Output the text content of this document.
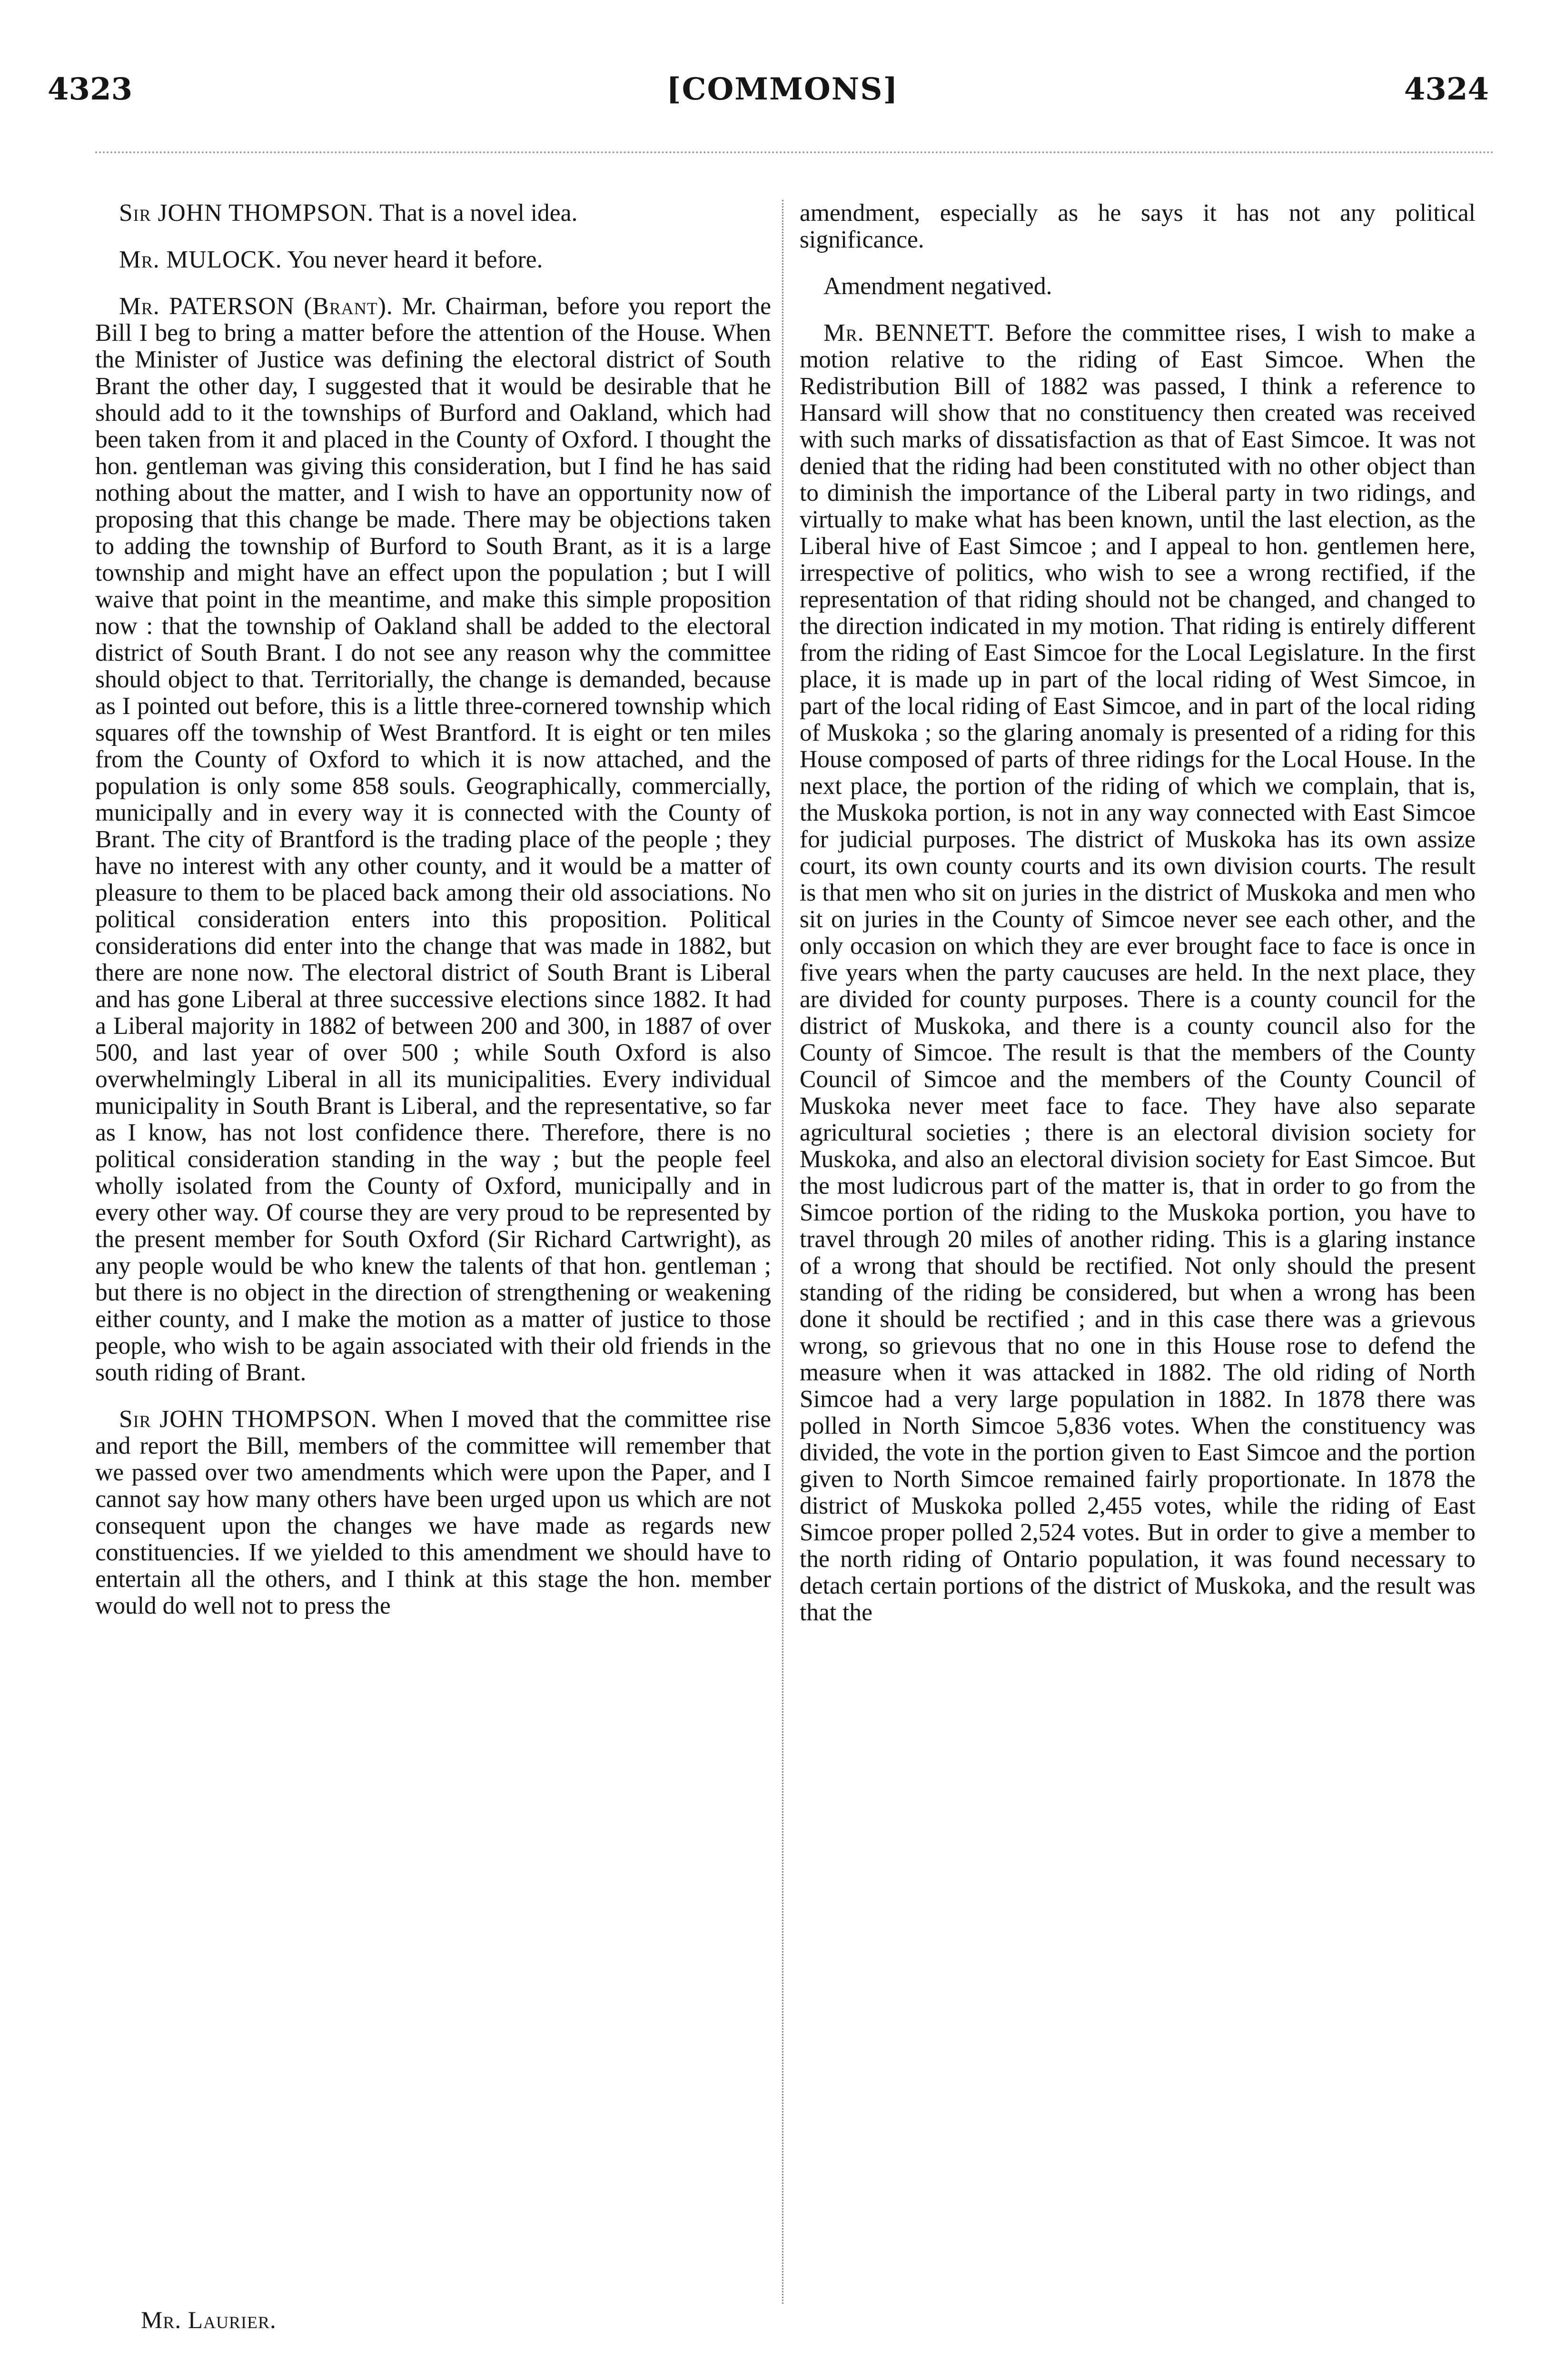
4323	[COMMONS]	4324

Sir JOHN THOMPSON. That is a novel idea.

Mr. MULOCK. You never heard it before.

Mr. PATERSON (Brant). Mr. Chairman, before you report the Bill I beg to bring a matter before the attention of the House. When the Minister of Justice was defining the electoral district of South Brant the other day, I suggested that it would be desirable that he should add to it the townships of Burford and Oakland, which had been taken from it and placed in the County of Oxford. I thought the hon. gentleman was giving this consideration, but I find he has said nothing about the matter, and I wish to have an opportunity now of proposing that this change be made. There may be objections taken to adding the township of Burford to South Brant, as it is a large township and might have an effect upon the population ; but I will waive that point in the meantime, and make this simple proposition now : that the township of Oakland shall be added to the electoral district of South Brant. I do not see any reason why the committee should object to that. Territorially, the change is demanded, because as I pointed out before, this is a little three-cornered township which squares off the township of West Brantford. It is eight or ten miles from the County of Oxford to which it is now attached, and the population is only some 858 souls. Geographically, commercially, municipally and in every way it is connected with the County of Brant. The city of Brantford is the trading place of the people ; they have no interest with any other county, and it would be a matter of pleasure to them to be placed back among their old associations. No political consideration enters into this proposition. Political considerations did enter into the change that was made in 1882, but there are none now. The electoral district of South Brant is Liberal and has gone Liberal at three successive elections since 1882. It had a Liberal majority in 1882 of between 200 and 300, in 1887 of over 500, and last year of over 500 ; while South Oxford is also overwhelmingly Liberal in all its municipalities. Every individual municipality in South Brant is Liberal, and the representative, so far as I know, has not lost confidence there. Therefore, there is no political consideration standing in the way ; but the people feel wholly isolated from the County of Oxford, municipally and in every other way. Of course they are very proud to be represented by the present member for South Oxford (Sir Richard Cartwright), as any people would be who knew the talents of that hon. gentleman ; but there is no object in the direction of strengthening or weakening either county, and I make the motion as a matter of justice to those people, who wish to be again associated with their old friends in the south riding of Brant.

Sir JOHN THOMPSON. When I moved that the committee rise and report the Bill, members of the committee will remember that we passed over two amendments which were upon the Paper, and I cannot say how many others have been urged upon us which are not consequent upon the changes we have made as regards new constituencies. If we yielded to this amendment we should have to entertain all the others, and I think at this stage the hon. member would do well not to press the

amendment, especially as he says it has not any political significance.

Amendment negatived.

Mr. BENNETT. Before the committee rises, I wish to make a motion relative to the riding of East Simcoe. When the Redistribution Bill of 1882 was passed, I think a reference to Hansard will show that no constituency then created was received with such marks of dissatisfaction as that of East Simcoe. It was not denied that the riding had been constituted with no other object than to diminish the importance of the Liberal party in two ridings, and virtually to make what has been known, until the last election, as the Liberal hive of East Simcoe ; and I appeal to hon. gentlemen here, irrespective of politics, who wish to see a wrong rectified, if the representation of that riding should not be changed, and changed to the direction indicated in my motion. That riding is entirely different from the riding of East Simcoe for the Local Legislature. In the first place, it is made up in part of the local riding of West Simcoe, in part of the local riding of East Simcoe, and in part of the local riding of Muskoka ; so the glaring anomaly is presented of a riding for this House composed of parts of three ridings for the Local House. In the next place, the portion of the riding of which we complain, that is, the Muskoka portion, is not in any way connected with East Simcoe for judicial purposes. The district of Muskoka has its own assize court, its own county courts and its own division courts. The result is that men who sit on juries in the district of Muskoka and men who sit on juries in the County of Simcoe never see each other, and the only occasion on which they are ever brought face to face is once in five years when the party caucuses are held. In the next place, they are divided for county purposes. There is a county council for the district of Muskoka, and there is a county council also for the County of Simcoe. The result is that the members of the County Council of Simcoe and the members of the County Council of Muskoka never meet face to face. They have also separate agricultural societies ; there is an electoral division society for Muskoka, and also an electoral division society for East Simcoe. But the most ludicrous part of the matter is, that in order to go from the Simcoe portion of the riding to the Muskoka portion, you have to travel through 20 miles of another riding. This is a glaring instance of a wrong that should be rectified. Not only should the present standing of the riding be considered, but when a wrong has been done it should be rectified ; and in this case there was a grievous wrong, so grievous that no one in this House rose to defend the measure when it was attacked in 1882. The old riding of North Simcoe had a very large population in 1882. In 1878 there was polled in North Simcoe 5,836 votes. When the constituency was divided, the vote in the portion given to East Simcoe and the portion given to North Simcoe remained fairly proportionate. In 1878 the district of Muskoka polled 2,455 votes, while the riding of East Simcoe proper polled 2,524 votes. But in order to give a member to the north riding of Ontario population, it was found necessary to detach certain portions of the district of Muskoka, and the result was that the

Mr. Laurier.
